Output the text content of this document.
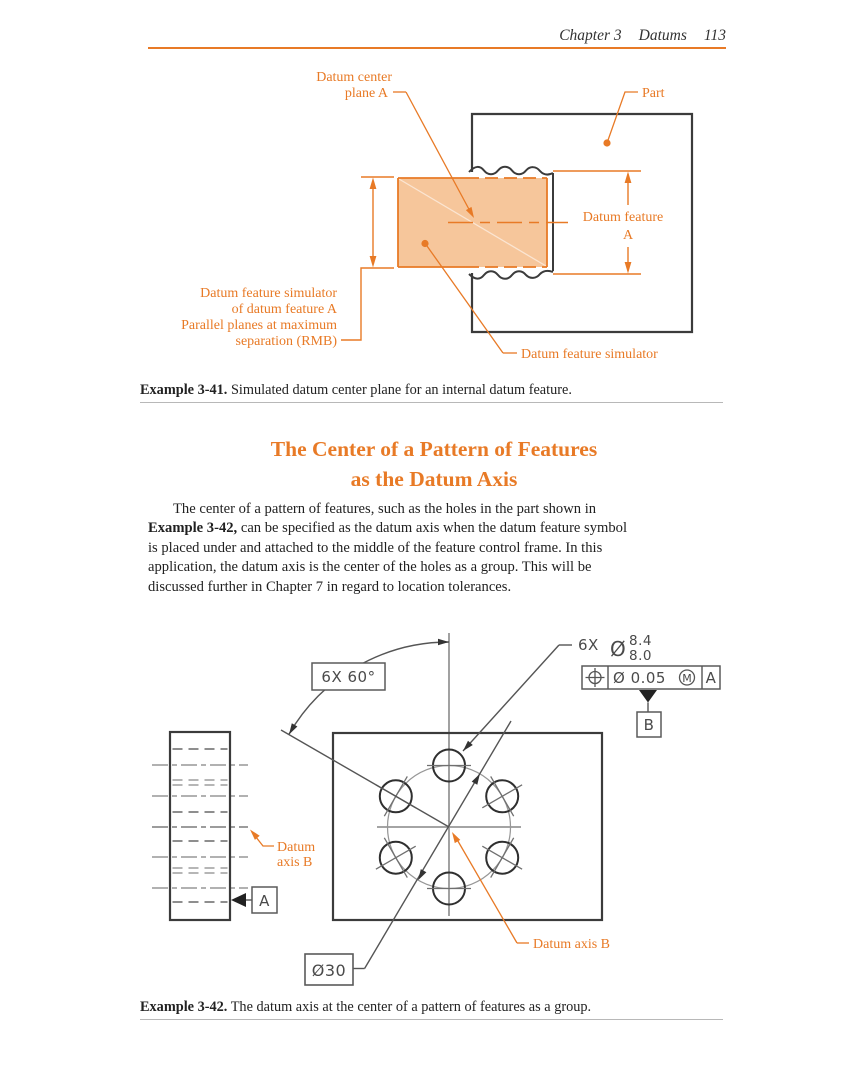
Chapter 3 Datums 113
Datum feature
A
Part
Datum center
plane A
Datum feature simulator
of datum feature A
Parallel planes at maximum
separation (RMB)
Datum feature simulator
Example 3-41. Simulated datum center plane for an internal datum feature.
The Center of a Pattern of Features
as the Datum Axis
The center of a pattern of features, such as the holes in the part shown in
Example 3-42, can be specified as the datum axis when the datum feature symbol
is placed under and attached to the middle of the feature control frame. In this
application, the datum axis is the center of the holes as a group. This will be
discussed further in Chapter 7 in regard to location tolerances.
A
Datum
axis B
6X 60°
6X Ø 8.4
8.0
Ø 0.05 M A
B
Ø30
Datum axis B
Example 3-42. The datum axis at the center of a pattern of features as a group.
